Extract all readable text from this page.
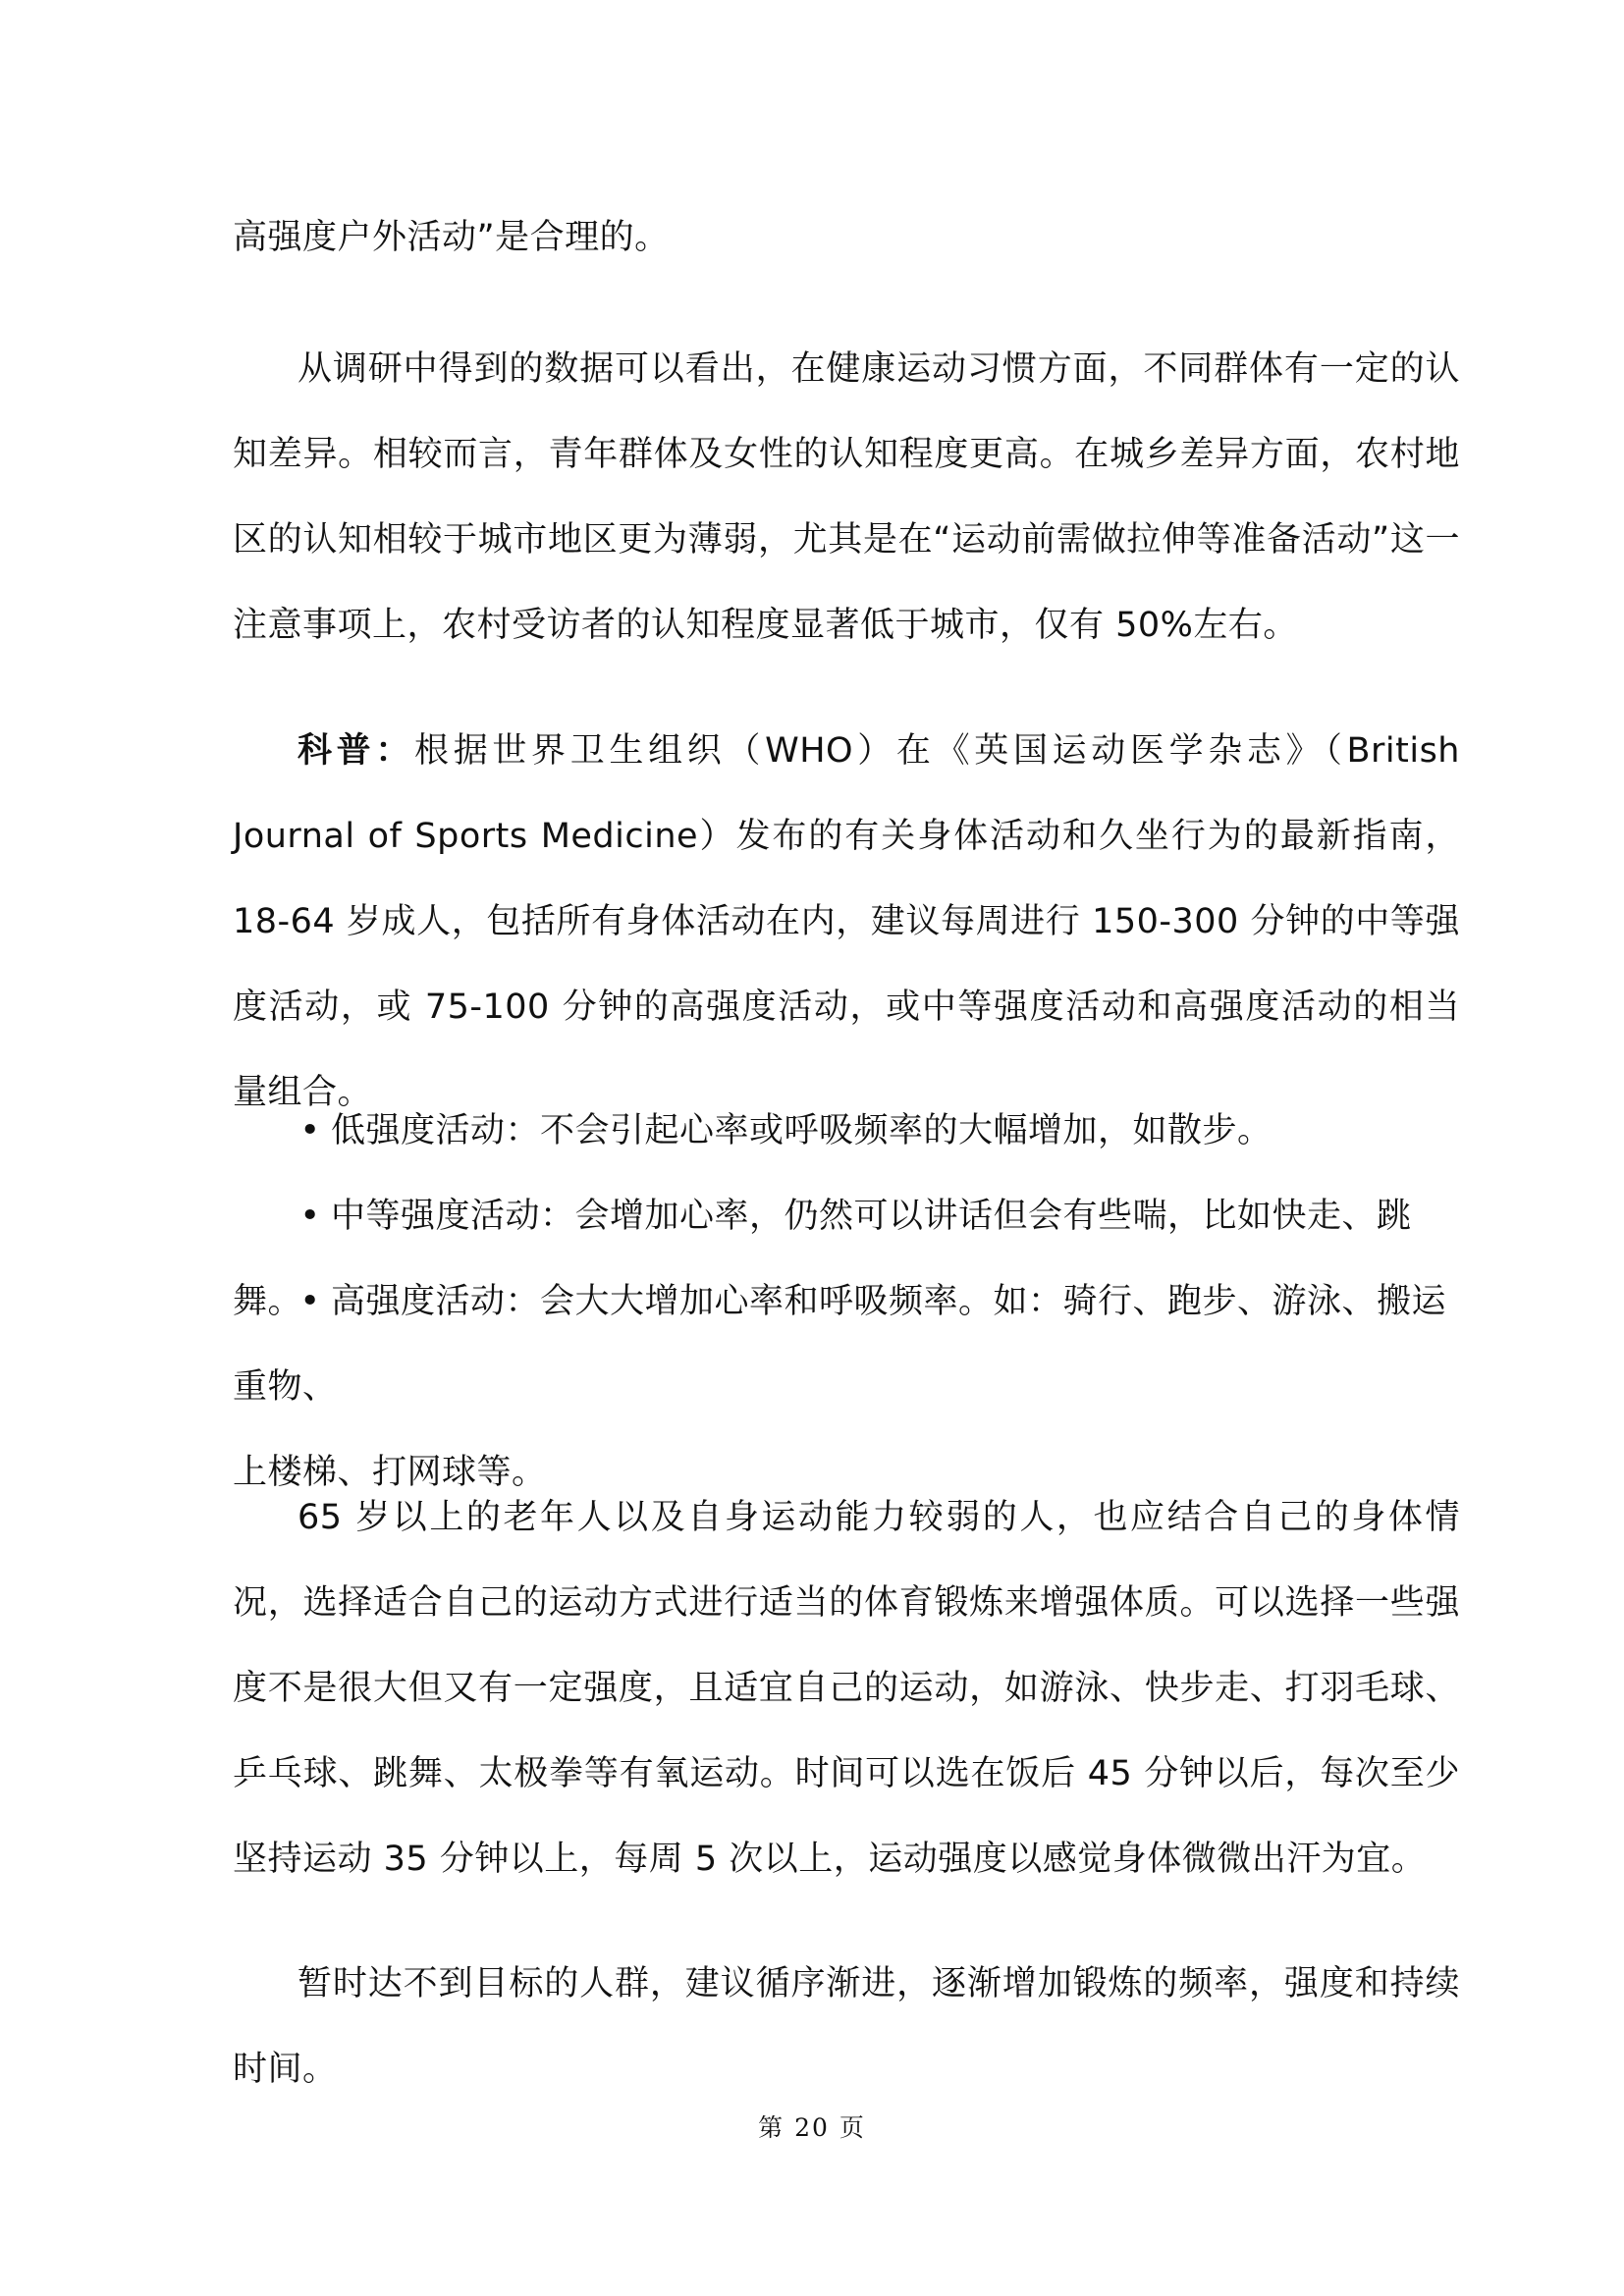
高强度户外活动”是合理的。

从调研中得到的数据可以看出，在健康运动习惯方面，不同群体有一定的认知差异。相较而言，青年群体及女性的认知程度更高。在城乡差异方面，农村地区的认知相较于城市地区更为薄弱，尤其是在“运动前需做拉伸等准备活动”这一注意事项上，农村受访者的认知程度显著低于城市，仅有 50%左右。

科普：根据世界卫生组织（WHO）在《英国运动医学杂志》（British Journal of Sports Medicine）发布的有关身体活动和久坐行为的最新指南，18-64 岁成人，包括所有身体活动在内，建议每周进行 150-300 分钟的中等强度活动，或 75-100 分钟的高强度活动，或中等强度活动和高强度活动的相当量组合。

• 低强度活动：不会引起心率或呼吸频率的大幅增加，如散步。

• 中等强度活动：会增加心率，仍然可以讲话但会有些喘，比如快走、跳舞。

• 高强度活动：会大大增加心率和呼吸频率。如：骑行、跑步、游泳、搬运重物、
上楼梯、打网球等。

65 岁以上的老年人以及自身运动能力较弱的人，也应结合自己的身体情况，选择适合自己的运动方式进行适当的体育锻炼来增强体质。可以选择一些强度不是很大但又有一定强度，且适宜自己的运动，如游泳、快步走、打羽毛球、乒乓球、跳舞、太极拳等有氧运动。时间可以选在饭后 45 分钟以后，每次至少坚持运动 35 分钟以上，每周 5 次以上，运动强度以感觉身体微微出汗为宜。

暂时达不到目标的人群，建议循序渐进，逐渐增加锻炼的频率，强度和持续时间。

第 20 页
